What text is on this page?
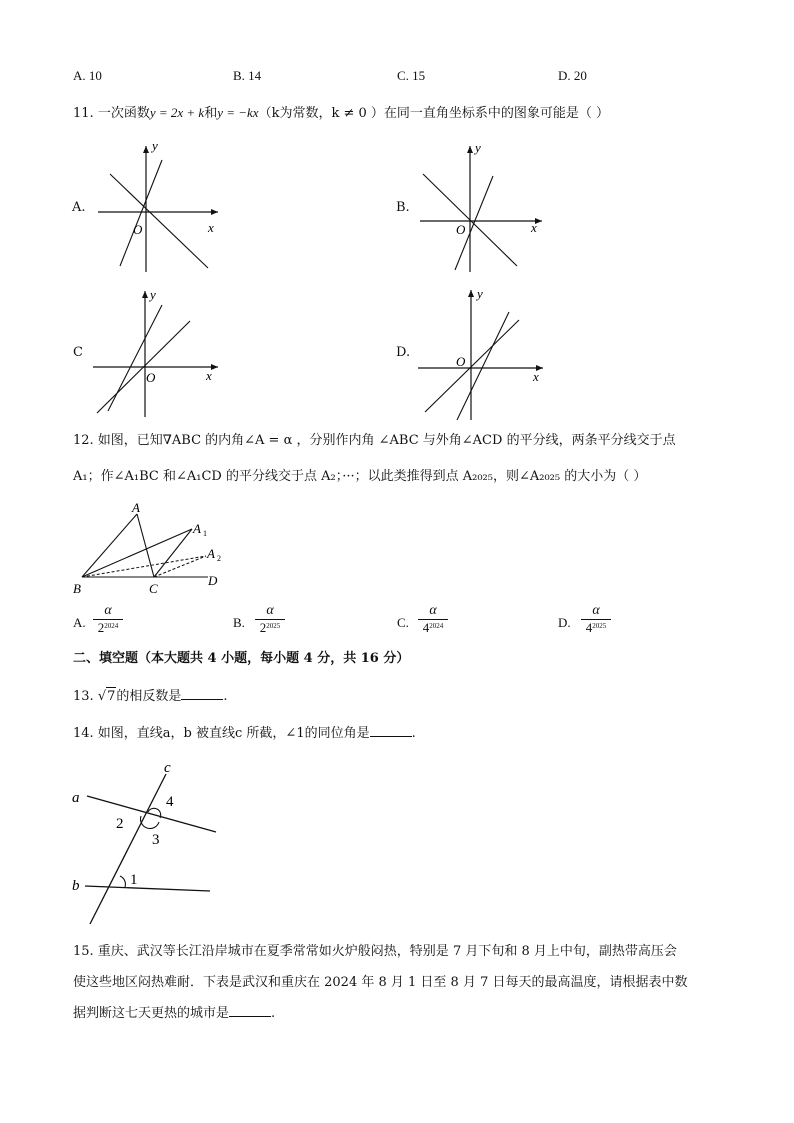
A. 10	B. 14	C. 15	D. 20
11. 一次函数y = 2x + k和y = −kx（k为常数，k ≠ 0 ）在同一直角坐标系中的图象可能是（ ）
A.
x
y
O
B.
x
y
O
C
x
y
O
D.
x
y
O
12. 如图，已知∇ABC 的内角∠A = α ，分别作内角 ∠ABC 与外角∠ACD 的平分线，两条平分线交于点
A₁；作∠A₁BC 和∠A₁CD 的平分线交于点 A₂；···；以此类推得到点 A₂₀₂₅，则∠A₂₀₂₅ 的大小为（ ）
A
A 1
A 2
B	C
D
A.
α
$2^{2024}$	B.
α
$2^{2025}$	C.
α
$4^{2024}$	D.
α
$4^{2025}$
二、填空题（本大题共 4 小题，每小题 4 分，共 16 分）
13. √7的相反数是	.
14. 如图，直线a，b 被直线c 所截，∠1的同位角是	.
c
a
b
4
2
3
1
15. 重庆、武汉等长江沿岸城市在夏季常常如火炉般闷热，特别是 7 月下旬和 8 月上中旬，副热带高压会
使这些地区闷热难耐．下表是武汉和重庆在 2024 年 8 月 1 日至 8 月 7 日每天的最高温度，请根据表中数
据判断这七天更热的城市是	.
